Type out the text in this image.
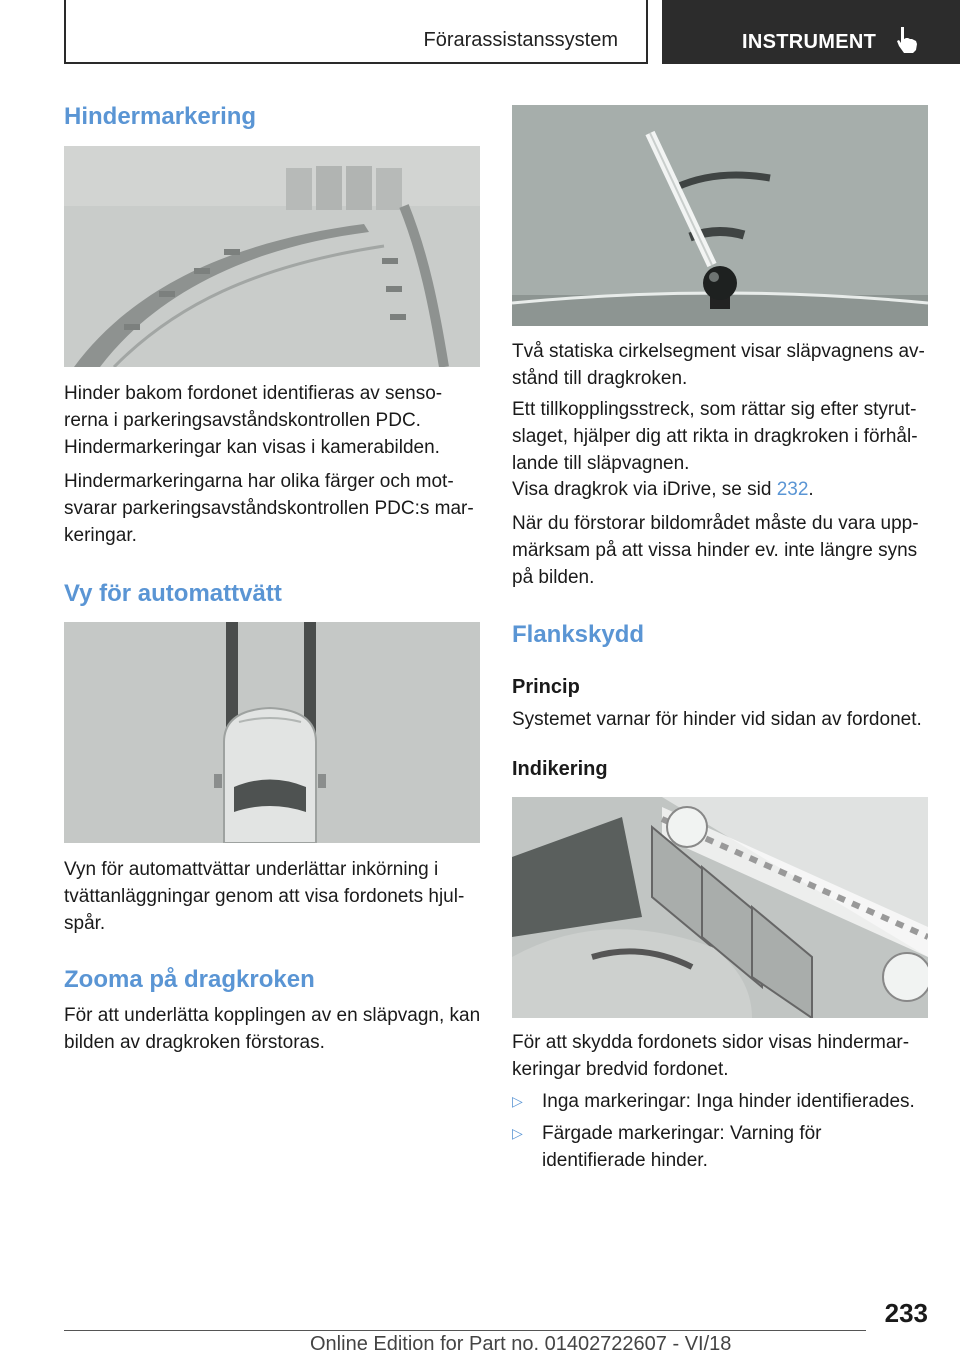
Förarassistanssystem	INSTRUMENT
Hindermarkering

Hinder bakom fordonet identifieras av senso-rerna i parkeringsavståndskontrollen PDC.

Hindermarkeringar kan visas i kamerabilden.

Hindermarkeringarna har olika färger och mot-svarar parkeringsavståndskontrollen PDC:s mar-keringar.

Vy för automattvätt

Vyn för automattvättar underlättar inkörning i tvättanläggningar genom att visa fordonets hjul-spår.

Zooma på dragkroken

För att underlätta kopplingen av en släpvagn, kan bilden av dragkroken förstoras.

Två statiska cirkelsegment visar släpvagnens av-stånd till dragkroken.

Ett tillkopplingsstreck, som rättar sig efter styrut-slaget, hjälper dig att rikta in dragkroken i förhål-lande till släpvagnen.

Visa dragkrok via iDrive, se sid 232.

När du förstorar bildområdet måste du vara upp-märksam på att vissa hinder ev. inte längre syns på bilden.

Flankskydd
Princip

Systemet varnar för hinder vid sidan av fordonet.

Indikering

För att skydda fordonets sidor visas hindermar-keringar bredvid fordonet.

▷ Inga markeringar: Inga hinder identifierades.
▷ Färgade markeringar: Varning för identifierade hinder.
233
Online Edition for Part no. 01402722607 - VI/18
